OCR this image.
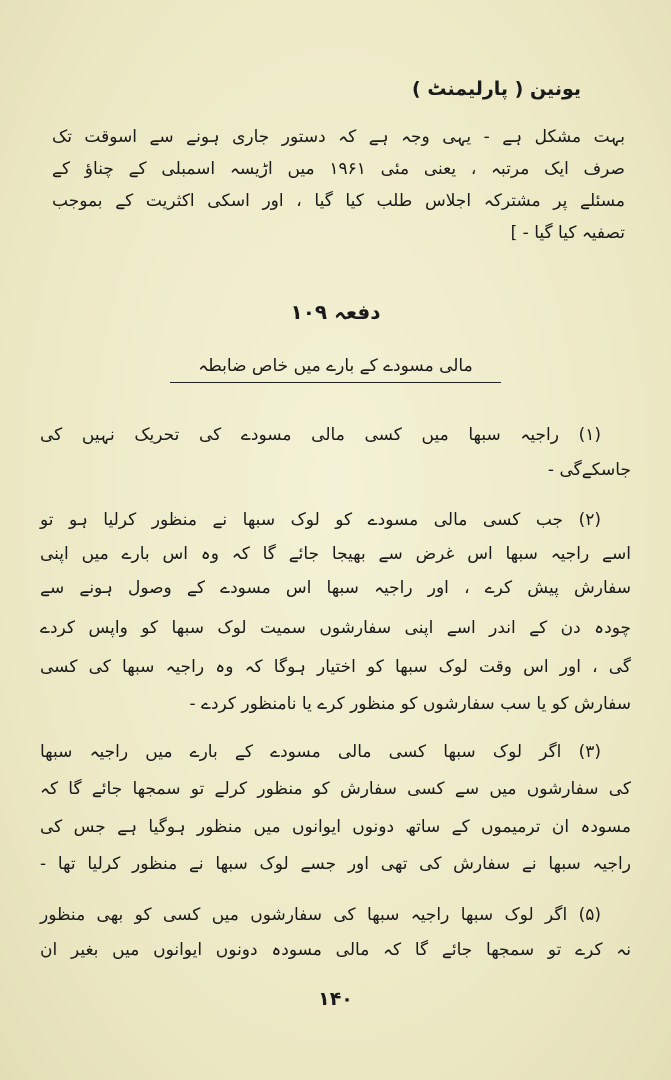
یونین ( پارلیمنٹ )
بہت مشکل ہے - یہی وجہ ہے کہ دستور جاری ہونے سے اسوقت تک
صرف ایک مرتبہ ، یعنی مئی ۱۹۶۱ میں اڑیسہ اسمبلی کے چناؤ کے
مسئلے پر مشترکہ اجلاس طلب کیا گیا ، اور اسکی اکثریت کے بموجب
تصفیہ کیا گیا - ]
دفعہ ۱۰۹
مالی مسودے کے بارے میں خاص ضابطہ
(۱) راجیہ سبھا میں کسی مالی مسودے کی تحریک نہیں کی
جاسکےگی -
(۲) جب کسی مالی مسودے کو لوک سبھا نے منظور کرلیا ہو تو
اسے راجیہ سبھا اس غرض سے بھیجا جائے گا کہ وہ اس بارے میں اپنی
سفارش پیش کرے ، اور راجیہ سبھا اس مسودے کے وصول ہونے سے
چودہ دن کے اندر اسے اپنی سفارشوں سمیت لوک سبھا کو واپس کردے
گی ، اور اس وقت لوک سبھا کو اختیار ہوگا کہ وہ راجیہ سبھا کی کسی
سفارش کو یا سب سفارشوں کو منظور کرے یا نامنظور کردے -
(۳) اگر لوک سبھا کسی مالی مسودے کے بارے میں راجیہ سبھا
کی سفارشوں میں سے کسی سفارش کو منظور کرلے تو سمجھا جائے گا کہ
مسودہ ان ترمیموں کے ساتھ دونوں ایوانوں میں منظور ہوگیا ہے جس کی
راجیہ سبھا نے سفارش کی تھی اور جسے لوک سبھا نے منظور کرلیا تھا -
(۵) اگر لوک سبھا راجیہ سبھا کی سفارشوں میں کسی کو بھی منظور
نہ کرے تو سمجھا جائے گا کہ مالی مسودہ دونوں ایوانوں میں بغیر ان
۱۴۰
